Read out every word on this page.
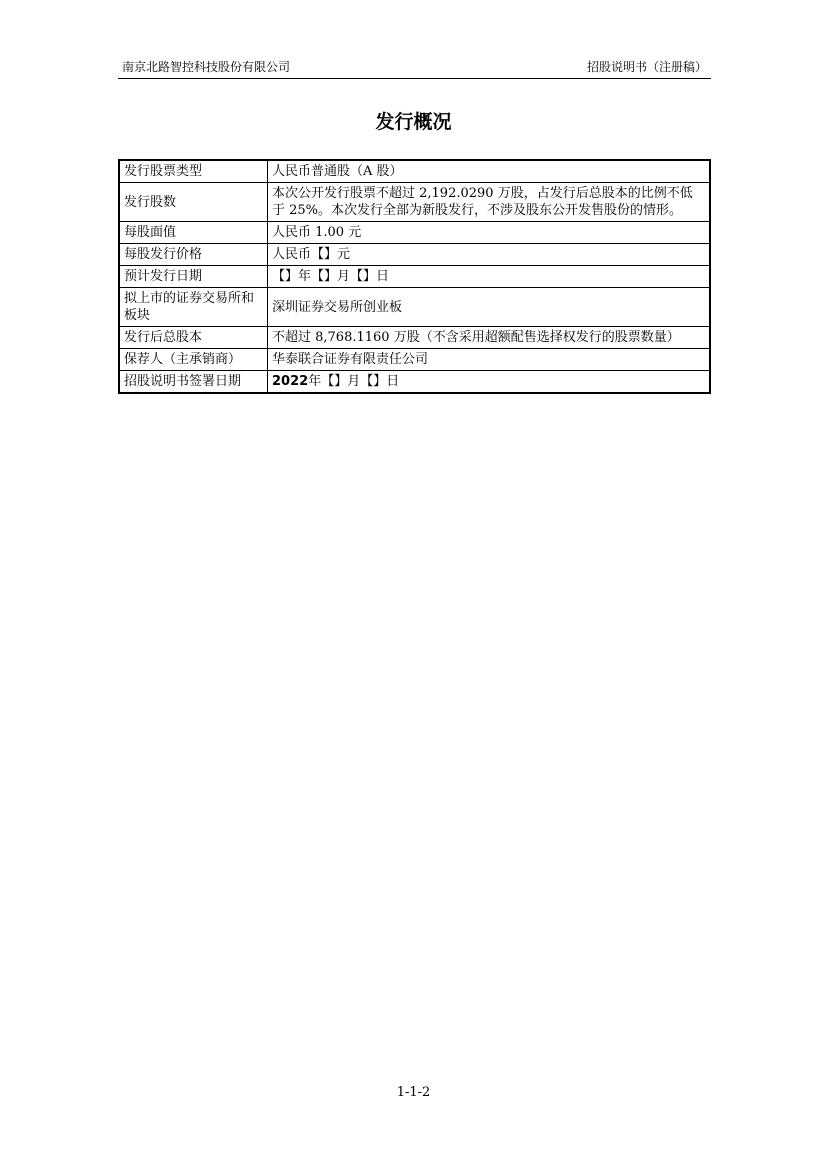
南京北路智控科技股份有限公司	招股说明书（注册稿）
发行概况
发行股票类型	人民币普通股（A 股）
发行股数	本次公开发行股票不超过 2,192.0290 万股，占发行后总股本的比例不低于 25%。本次发行全部为新股发行，不涉及股东公开发售股份的情形。
每股面值	人民币 1.00 元
每股发行价格	人民币【】元
预计发行日期	【】年【】月【】日
拟上市的证券交易所和板块	深圳证券交易所创业板
发行后总股本	不超过 8,768.1160 万股（不含采用超额配售选择权发行的股票数量）
保荐人（主承销商）	华泰联合证券有限责任公司
招股说明书签署日期	2022年【】月【】日
1-1-2
